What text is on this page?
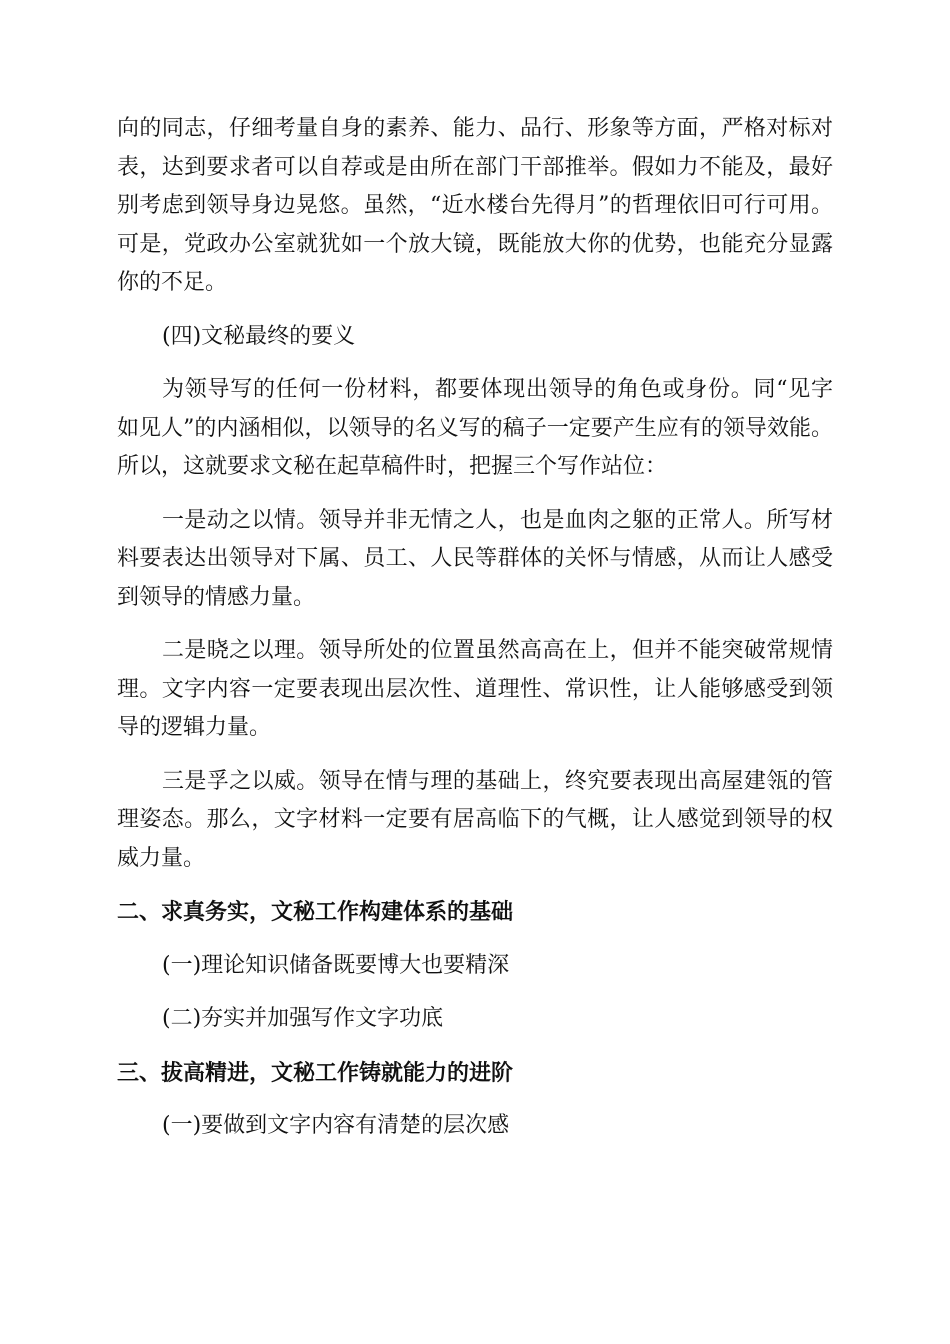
向的同志，仔细考量自身的素养、能力、品行、形象等方面，严格对标对表，达到要求者可以自荐或是由所在部门干部推举。假如力不能及，最好别考虑到领导身边晃悠。虽然，“近水楼台先得月”的哲理依旧可行可用。可是，党政办公室就犹如一个放大镜，既能放大你的优势，也能充分显露你的不足。

(四)文秘最终的要义

为领导写的任何一份材料，都要体现出领导的角色或身份。同“见字如见人”的内涵相似，以领导的名义写的稿子一定要产生应有的领导效能。所以，这就要求文秘在起草稿件时，把握三个写作站位：

一是动之以情。领导并非无情之人，也是血肉之躯的正常人。所写材料要表达出领导对下属、员工、人民等群体的关怀与情感，从而让人感受到领导的情感力量。

二是晓之以理。领导所处的位置虽然高高在上，但并不能突破常规情理。文字内容一定要表现出层次性、道理性、常识性，让人能够感受到领导的逻辑力量。

三是孚之以威。领导在情与理的基础上，终究要表现出高屋建瓴的管理姿态。那么，文字材料一定要有居高临下的气概，让人感觉到领导的权威力量。

二、求真务实，文秘工作构建体系的基础

(一)理论知识储备既要博大也要精深

(二)夯实并加强写作文字功底

三、拔高精进，文秘工作铸就能力的进阶

(一)要做到文字内容有清楚的层次感
